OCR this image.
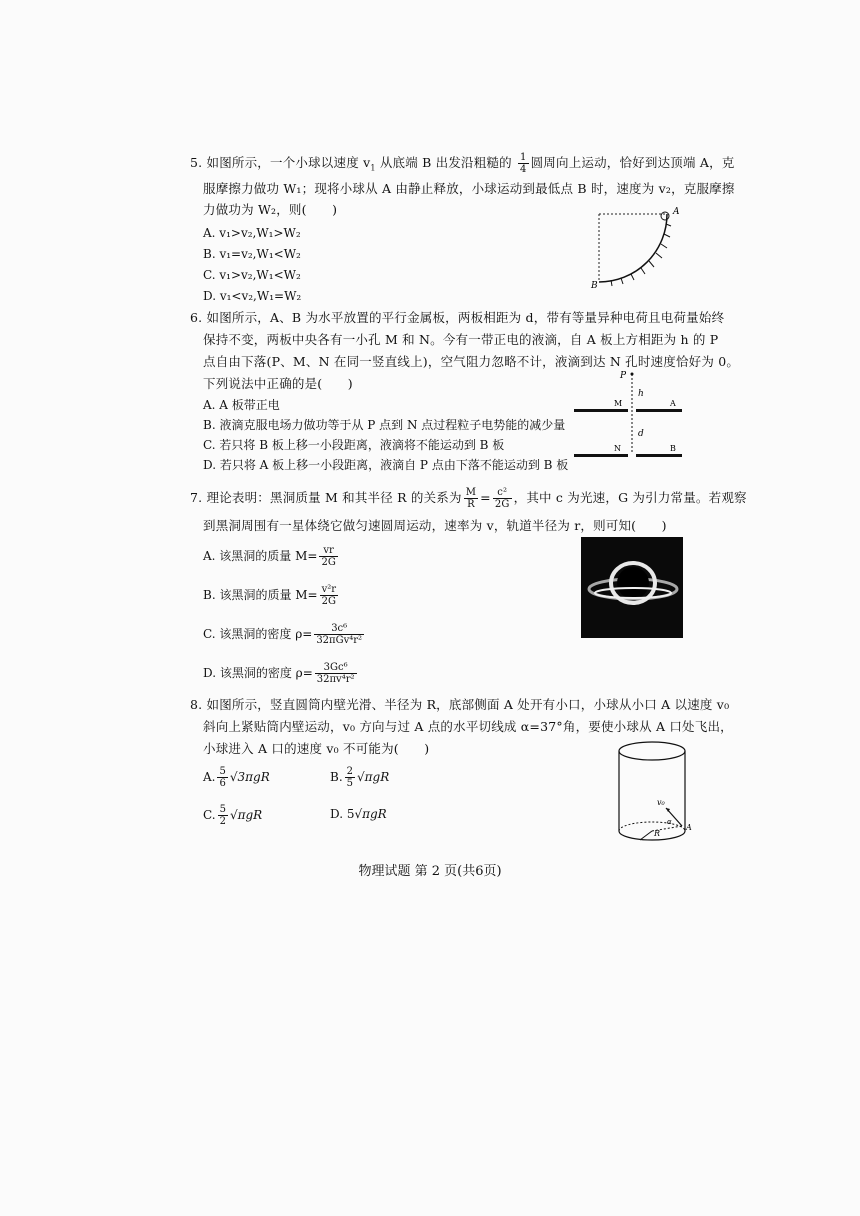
5. 如图所示，一个小球以速度 $v_1$ 从底端 B 出发沿粗糙的 $\frac{1}{4}$ 圆周向上运动，恰好到达顶端 A，克
服摩擦力做功 W₁；现将小球从 A 由静止释放，小球运动到最低点 B 时，速度为 v₂，克服摩擦
力做功为 W₂，则(　　)
A. v₁>v₂,W₁>W₂
B. v₁=v₂,W₁<W₂
C. v₁>v₂,W₁<W₂
D. v₁<v₂,W₁=W₂
A
B
6. 如图所示，A、B 为水平放置的平行金属板，两板相距为 d，带有等量异种电荷且电荷量始终
保持不变，两板中央各有一小孔 M 和 N。今有一带正电的液滴，自 A 板上方相距为 h 的 P
点自由下落(P、M、N 在同一竖直线上)，空气阻力忽略不计，液滴到达 N 孔时速度恰好为 0。
下列说法中正确的是(　　)
A. A 板带正电
B. 液滴克服电场力做功等于从 P 点到 N 点过程粒子电势能的减少量
C. 若只将 B 板上移一小段距离，液滴将不能运动到 B 板
D. 若只将 A 板上移一小段距离，液滴自 P 点由下落不能运动到 B 板
P
h
M	A
d
N	B
7. 理论表明：黑洞质量 M 和其半径 R 的关系为 $\frac{M}{R} = \frac{\text{c²}}{2G}$ ，其中 c 为光速，G 为引力常量。若观察
到黑洞周围有一星体绕它做匀速圆周运动，速率为 v，轨道半径为 r，则可知(　　)
A. 该黑洞的质量 $M= \frac{vr}{2G}$
B. 该黑洞的质量 $M= \frac{\text{v²r}}{2G}$
C. 该黑洞的密度 $\rho= \frac{\text{3c⁶}}{\text{32πGv⁴r²}}$
D. 该黑洞的密度 $\rho= \frac{\text{3Gc⁶}}{\text{32πv⁴r²}}$
8. 如图所示，竖直圆筒内壁光滑、半径为 R，底部侧面 A 处开有小口，小球从小口 A 以速度 v₀
斜向上紧贴筒内壁运动，v₀ 方向与过 A 点的水平切线成 α=37°角，要使小球从 A 口处飞出，
小球进入 A 口的速度 v₀ 不可能为(　　)
A. $\frac{5}{6} √3\pi gR$	B. $\frac{2}{5} √\pi gR$
C. $\frac{5}{2} √\pi gR$	D. 5√πgR
v₀
α
R
A
物理试题 第 2 页(共6页)
